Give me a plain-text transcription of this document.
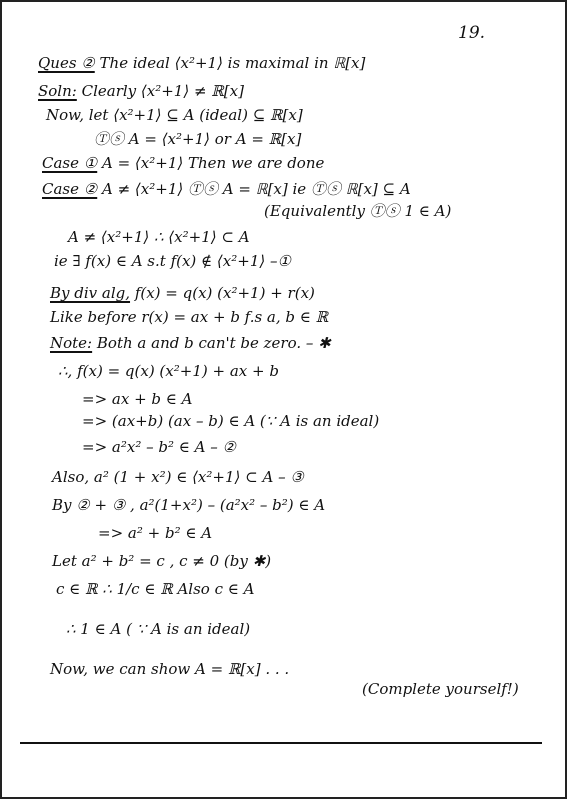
19.
Ques ② The ideal ⟨x²+1⟩ is maximal in ℝ[x]
Soln: Clearly ⟨x²+1⟩ ≠ ℝ[x]
Now, let ⟨x²+1⟩ ⊆ A (ideal) ⊆ ℝ[x]
Ⓣⓢ A = ⟨x²+1⟩ or A = ℝ[x]
Case ① A = ⟨x²+1⟩ Then we are done
Case ② A ≠ ⟨x²+1⟩ Ⓣⓢ A = ℝ[x] ie Ⓣⓢ ℝ[x] ⊆ A
(Equivalently Ⓣⓢ 1 ∈ A)
A ≠ ⟨x²+1⟩ ∴ ⟨x²+1⟩ ⊂ A
ie ∃ f(x) ∈ A s.t f(x) ∉ ⟨x²+1⟩ –①
By div alg, f(x) = q(x) (x²+1) + r(x)
Like before r(x) = ax + b f.s a, b ∈ ℝ
Note: Both a and b can't be zero. – ✱
∴, f(x) = q(x) (x²+1) + ax + b
=> ax + b ∈ A
=> (ax+b) (ax – b) ∈ A (∵ A is an ideal)
=> a²x² – b² ∈ A – ②
Also, a² (1 + x²) ∈ ⟨x²+1⟩ ⊂ A – ③
By ② + ③ , a²(1+x²) – (a²x² – b²) ∈ A
=> a² + b² ∈ A
Let a² + b² = c , c ≠ 0 (by ✱)
c ∈ ℝ ∴ 1/c ∈ ℝ Also c ∈ A
∴ 1 ∈ A ( ∵ A is an ideal)
Now, we can show A = ℝ[x] . . .
(Complete yourself!)
